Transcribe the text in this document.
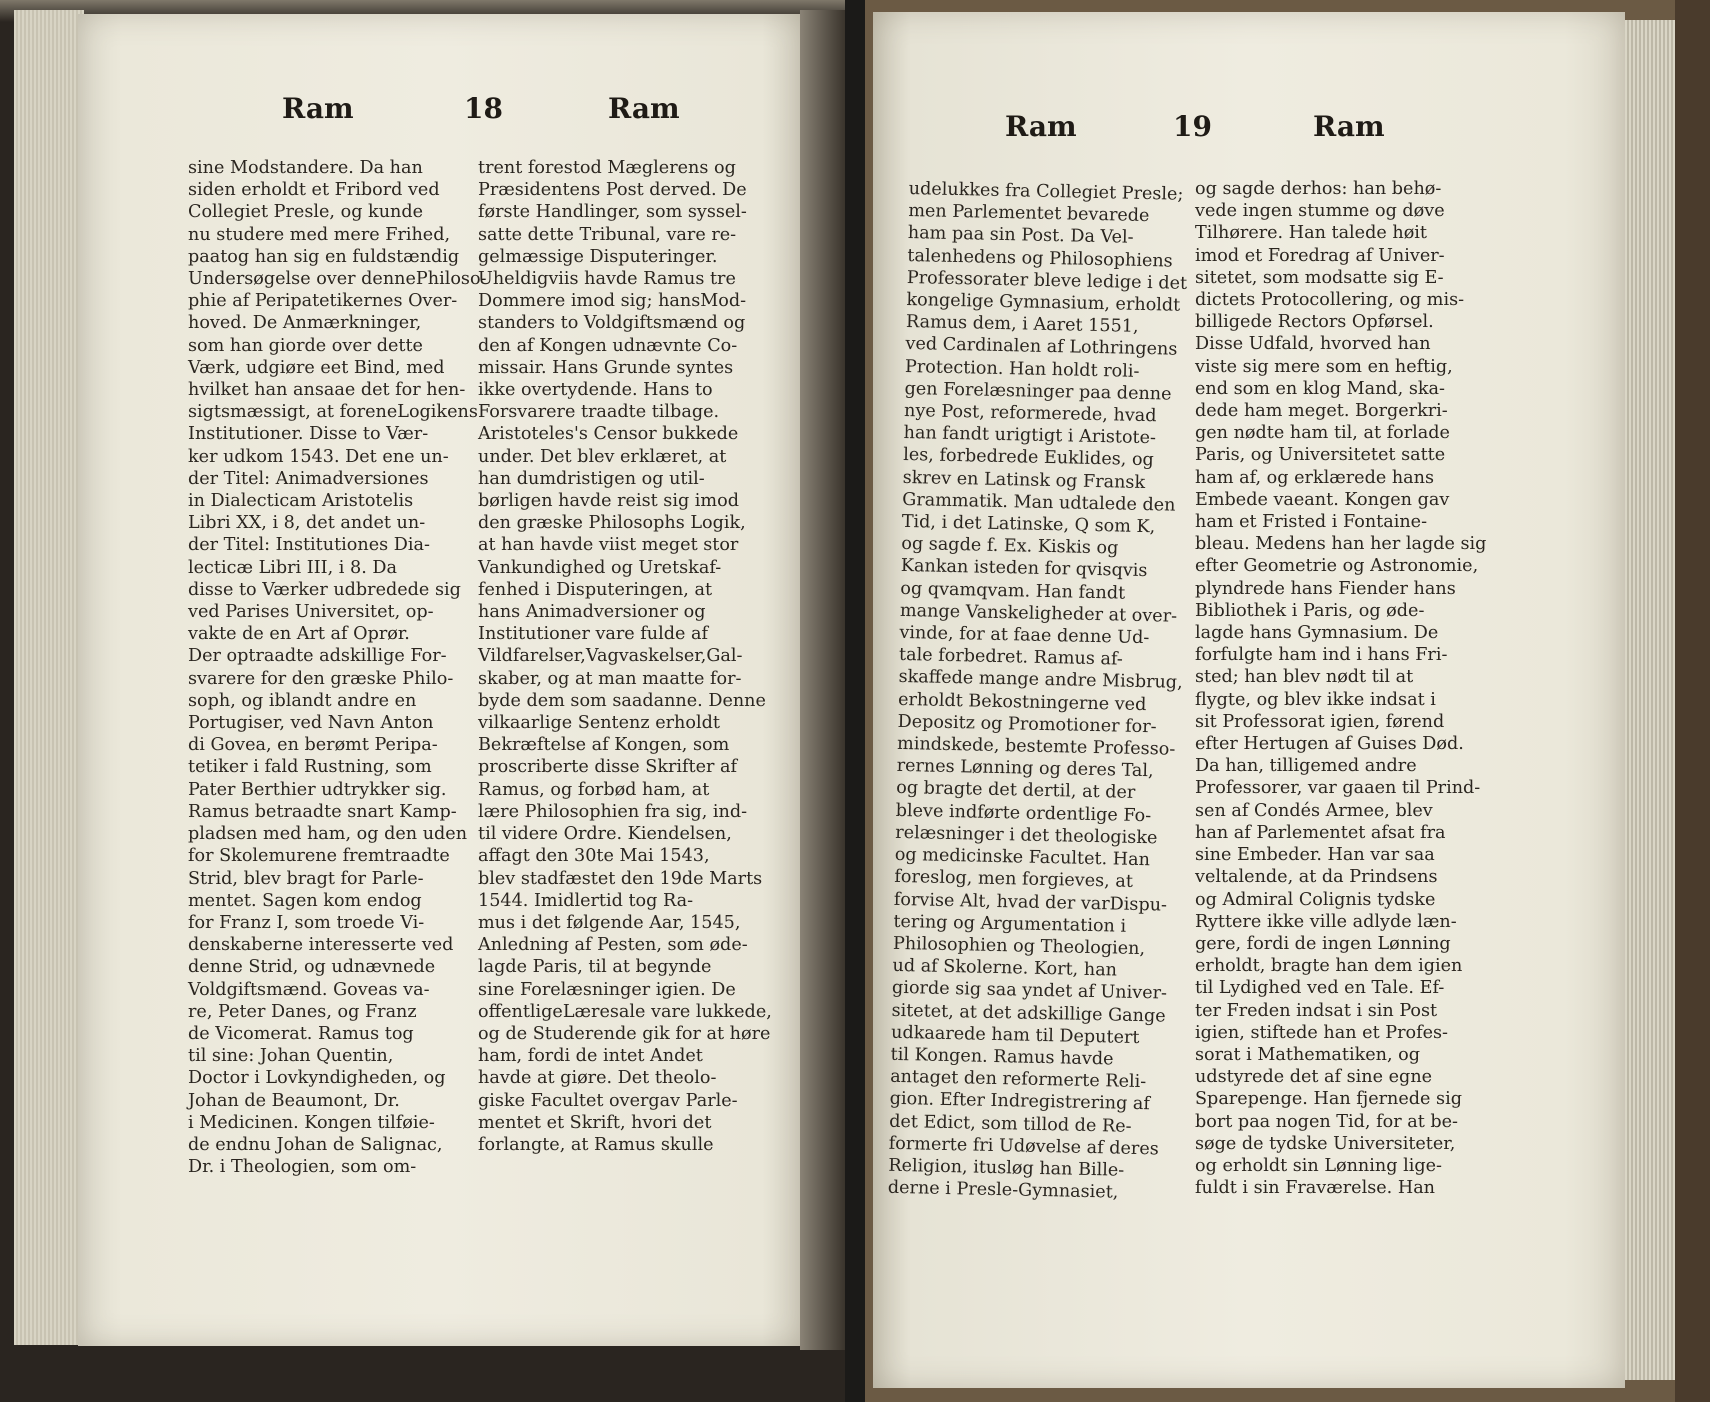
Ram	18	Ram

sine Modstandere. Da han

siden erholdt et Fribord ved

Collegiet Presle, og kunde

nu studere med mere Frihed,

paatog han sig en fuldstændig

Undersøgelse over dennePhiloso-

phie af Peripatetikernes Over-

hoved. De Anmærkninger,

som han giorde over dette

Værk, udgiøre eet Bind, med

hvilket han ansaae det for hen-

sigtsmæssigt, at foreneLogikens

Institutioner. Disse to Vær-

ker udkom 1543. Det ene un-

der Titel: Animadversiones

in Dialecticam Aristotelis

Libri XX, i 8, det andet un-

der Titel: Institutiones Dia-

lecticæ Libri III, i 8. Da

disse to Værker udbredede sig

ved Parises Universitet, op-

vakte de en Art af Oprør.

Der optraadte adskillige For-

svarere for den græske Philo-

soph, og iblandt andre en

Portugiser, ved Navn Anton

di Govea, en berømt Peripa-

tetiker i fald Rustning, som

Pater Berthier udtrykker sig.

Ramus betraadte snart Kamp-

pladsen med ham, og den uden

for Skolemurene fremtraadte

Strid, blev bragt for Parle-

mentet. Sagen kom endog

for Franz I, som troede Vi-

denskaberne interesserte ved

denne Strid, og udnævnede

Voldgiftsmænd. Goveas va-

re, Peter Danes, og Franz

de Vicomerat. Ramus tog

til sine: Johan Quentin,

Doctor i Lovkyndigheden, og

Johan de Beaumont, Dr.

i Medicinen. Kongen tilføie-

de endnu Johan de Salignac,

Dr. i Theologien, som om-

trent forestod Mæglerens og

Præsidentens Post derved. De

første Handlinger, som syssel-

satte dette Tribunal, vare re-

gelmæssige Disputeringer.

Uheldigviis havde Ramus tre

Dommere imod sig; hansMod-

standers to Voldgiftsmænd og

den af Kongen udnævnte Co-

missair. Hans Grunde syntes

ikke overtydende. Hans to

Forsvarere traadte tilbage.

Aristoteles's Censor bukkede

under. Det blev erklæret, at

han dumdristigen og util-

børligen havde reist sig imod

den græske Philosophs Logik,

at han havde viist meget stor

Vankundighed og Uretskaf-

fenhed i Disputeringen, at

hans Animadversioner og

Institutioner vare fulde af

Vildfarelser,Vagvaskelser,Gal-

skaber, og at man maatte for-

byde dem som saadanne. Denne

vilkaarlige Sentenz erholdt

Bekræftelse af Kongen, som

proscriberte disse Skrifter af

Ramus, og forbød ham, at

lære Philosophien fra sig, ind-

til videre Ordre. Kiendelsen,

affagt den 30te Mai 1543,

blev stadfæstet den 19de Marts

1544. Imidlertid tog Ra-

mus i det følgende Aar, 1545,

Anledning af Pesten, som øde-

lagde Paris, til at begynde

sine Forelæsninger igien. De

offentligeLæresale vare lukkede,

og de Studerende gik for at høre

ham, fordi de intet Andet

havde at giøre. Det theolo-

giske Facultet overgav Parle-

mentet et Skrift, hvori det

forlangte, at Ramus skulle

Ram	19	Ram

udelukkes fra Collegiet Presle;

men Parlementet bevarede

ham paa sin Post. Da Vel-

talenhedens og Philosophiens

Professorater bleve ledige i det

kongelige Gymnasium, erholdt

Ramus dem, i Aaret 1551,

ved Cardinalen af Lothringens

Protection. Han holdt roli-

gen Forelæsninger paa denne

nye Post, reformerede, hvad

han fandt urigtigt i Aristote-

les, forbedrede Euklides, og

skrev en Latinsk og Fransk

Grammatik. Man udtalede den

Tid, i det Latinske, Q som K,

og sagde f. Ex. Kiskis og

Kankan isteden for qvisqvis

og qvamqvam. Han fandt

mange Vanskeligheder at over-

vinde, for at faae denne Ud-

tale forbedret. Ramus af-

skaffede mange andre Misbrug,

erholdt Bekostningerne ved

Depositz og Promotioner for-

mindskede, bestemte Professo-

rernes Lønning og deres Tal,

og bragte det dertil, at der

bleve indførte ordentlige Fo-

relæsninger i det theologiske

og medicinske Facultet. Han

foreslog, men forgieves, at

forvise Alt, hvad der varDispu-

tering og Argumentation i

Philosophien og Theologien,

ud af Skolerne. Kort, han

giorde sig saa yndet af Univer-

sitetet, at det adskillige Gange

udkaarede ham til Deputert

til Kongen. Ramus havde

antaget den reformerte Reli-

gion. Efter Indregistrering af

det Edict, som tillod de Re-

formerte fri Udøvelse af deres

Religion, itusløg han Bille-

derne i Presle-Gymnasiet,

og sagde derhos: han behø-

vede ingen stumme og døve

Tilhørere. Han talede høit

imod et Foredrag af Univer-

sitetet, som modsatte sig E-

dictets Protocollering, og mis-

billigede Rectors Opførsel.

Disse Udfald, hvorved han

viste sig mere som en heftig,

end som en klog Mand, ska-

dede ham meget. Borgerkri-

gen nødte ham til, at forlade

Paris, og Universitetet satte

ham af, og erklærede hans

Embede vaeant. Kongen gav

ham et Fristed i Fontaine-

bleau. Medens han her lagde sig

efter Geometrie og Astronomie,

plyndrede hans Fiender hans

Bibliothek i Paris, og øde-

lagde hans Gymnasium. De

forfulgte ham ind i hans Fri-

sted; han blev nødt til at

flygte, og blev ikke indsat i

sit Professorat igien, førend

efter Hertugen af Guises Død.

Da han, tilligemed andre

Professorer, var gaaen til Prind-

sen af Condés Armee, blev

han af Parlementet afsat fra

sine Embeder. Han var saa

veltalende, at da Prindsens

og Admiral Colignis tydske

Ryttere ikke ville adlyde læn-

gere, fordi de ingen Lønning

erholdt, bragte han dem igien

til Lydighed ved en Tale. Ef-

ter Freden indsat i sin Post

igien, stiftede han et Profes-

sorat i Mathematiken, og

udstyrede det af sine egne

Sparepenge. Han fjernede sig

bort paa nogen Tid, for at be-

søge de tydske Universiteter,

og erholdt sin Lønning lige-

fuldt i sin Fraværelse. Han
